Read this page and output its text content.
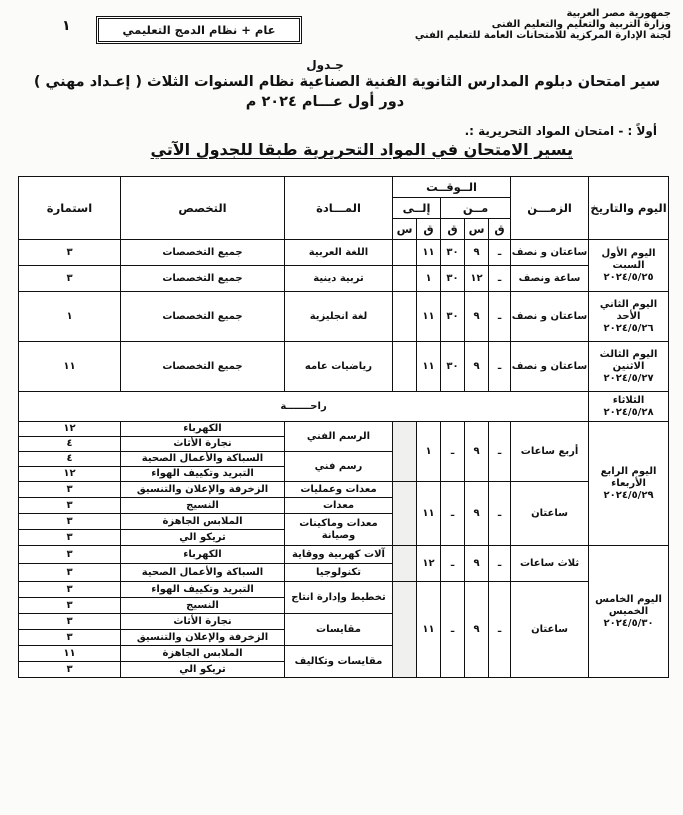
جمهورية مصر العربية
وزارة التربية والتعليم والتعليم الفنى
لجنة الإدارة المركزية للامتحانات العامة للتعليم الفني
١	عام + نظام الدمج التعليمي
جـدول
سير امتحان دبلوم المدارس الثانوية الفنية الصناعية نظام السنوات الثلاث ( إعـداد مهني )
دور أول عـــام ٢٠٢٤ م
أولاً : - امتحان المواد التحريرية :.
يسير الامتحان في المواد التحريرية طبقا للجدول الآتي
اليوم والتاريخ	الزمـــن	الــوقــت					المـــادة	التخصص	استمارة
		مــن			إلــى				
		ق	س	ق	ق	س			

اليوم الأول
السبت
٢٠٢٤/٥/٢٥	ساعتان و نصف	ـ	٩	٣٠	١١		اللغة العربية	جميع التخصصات	٣
	ساعة ونصف	ـ	١٢	٣٠	١		تربية دينية	جميع التخصصات	٣

اليوم الثاني
الأحد
٢٠٢٤/٥/٢٦	ساعتان و نصف	ـ	٩	٣٠	١١		لغة انجليزية	جميع التخصصات	١

اليوم الثالث
الاثنين
٢٠٢٤/٥/٢٧	ساعتان و نصف	ـ	٩	٣٠	١١		رياضيات عامه	جميع التخصصات	١١

الثلاثاء
٢٠٢٤/٥/٢٨	راحـــــــة								

اليوم الرابع
الأربعاء
٢٠٢٤/٥/٢٩	أربع ساعات	ـ	٩	ـ	١		الرسم الفني	الكهرباء	١٢
								نجارة الأثاث	٤
							رسم فني	السباكة والأعمال الصحية	٤
								التبريد وتكييف الهواء	١٢
	ساعتان	ـ	٩	ـ	١١		معدات وعمليات	الزخرفة والإعلان والتنسيق	٣
							معدات	النسيج	٣
							معدات وماكينات وصيانة	الملابس الجاهزة	٣
								تريكو الي	٣

اليوم الخامس
الخميس
٢٠٢٤/٥/٣٠	ثلاث ساعات	ـ	٩	ـ	١٢		آلات كهربية ووقاية	الكهرباء	٣
							تكنولوجيا	السباكة والأعمال الصحية	٣
	ساعتان	ـ	٩	ـ	١١		تخطيط وإدارة انتاج	التبريد وتكييف الهواء	٣
								النسيج	٣
							مقايسات	نجارة الأثاث	٣
								الزخرفة والإعلان والتنسيق	٣
							مقايسات وتكاليف	الملابس الجاهزة	١١
								تريكو الي	٣
